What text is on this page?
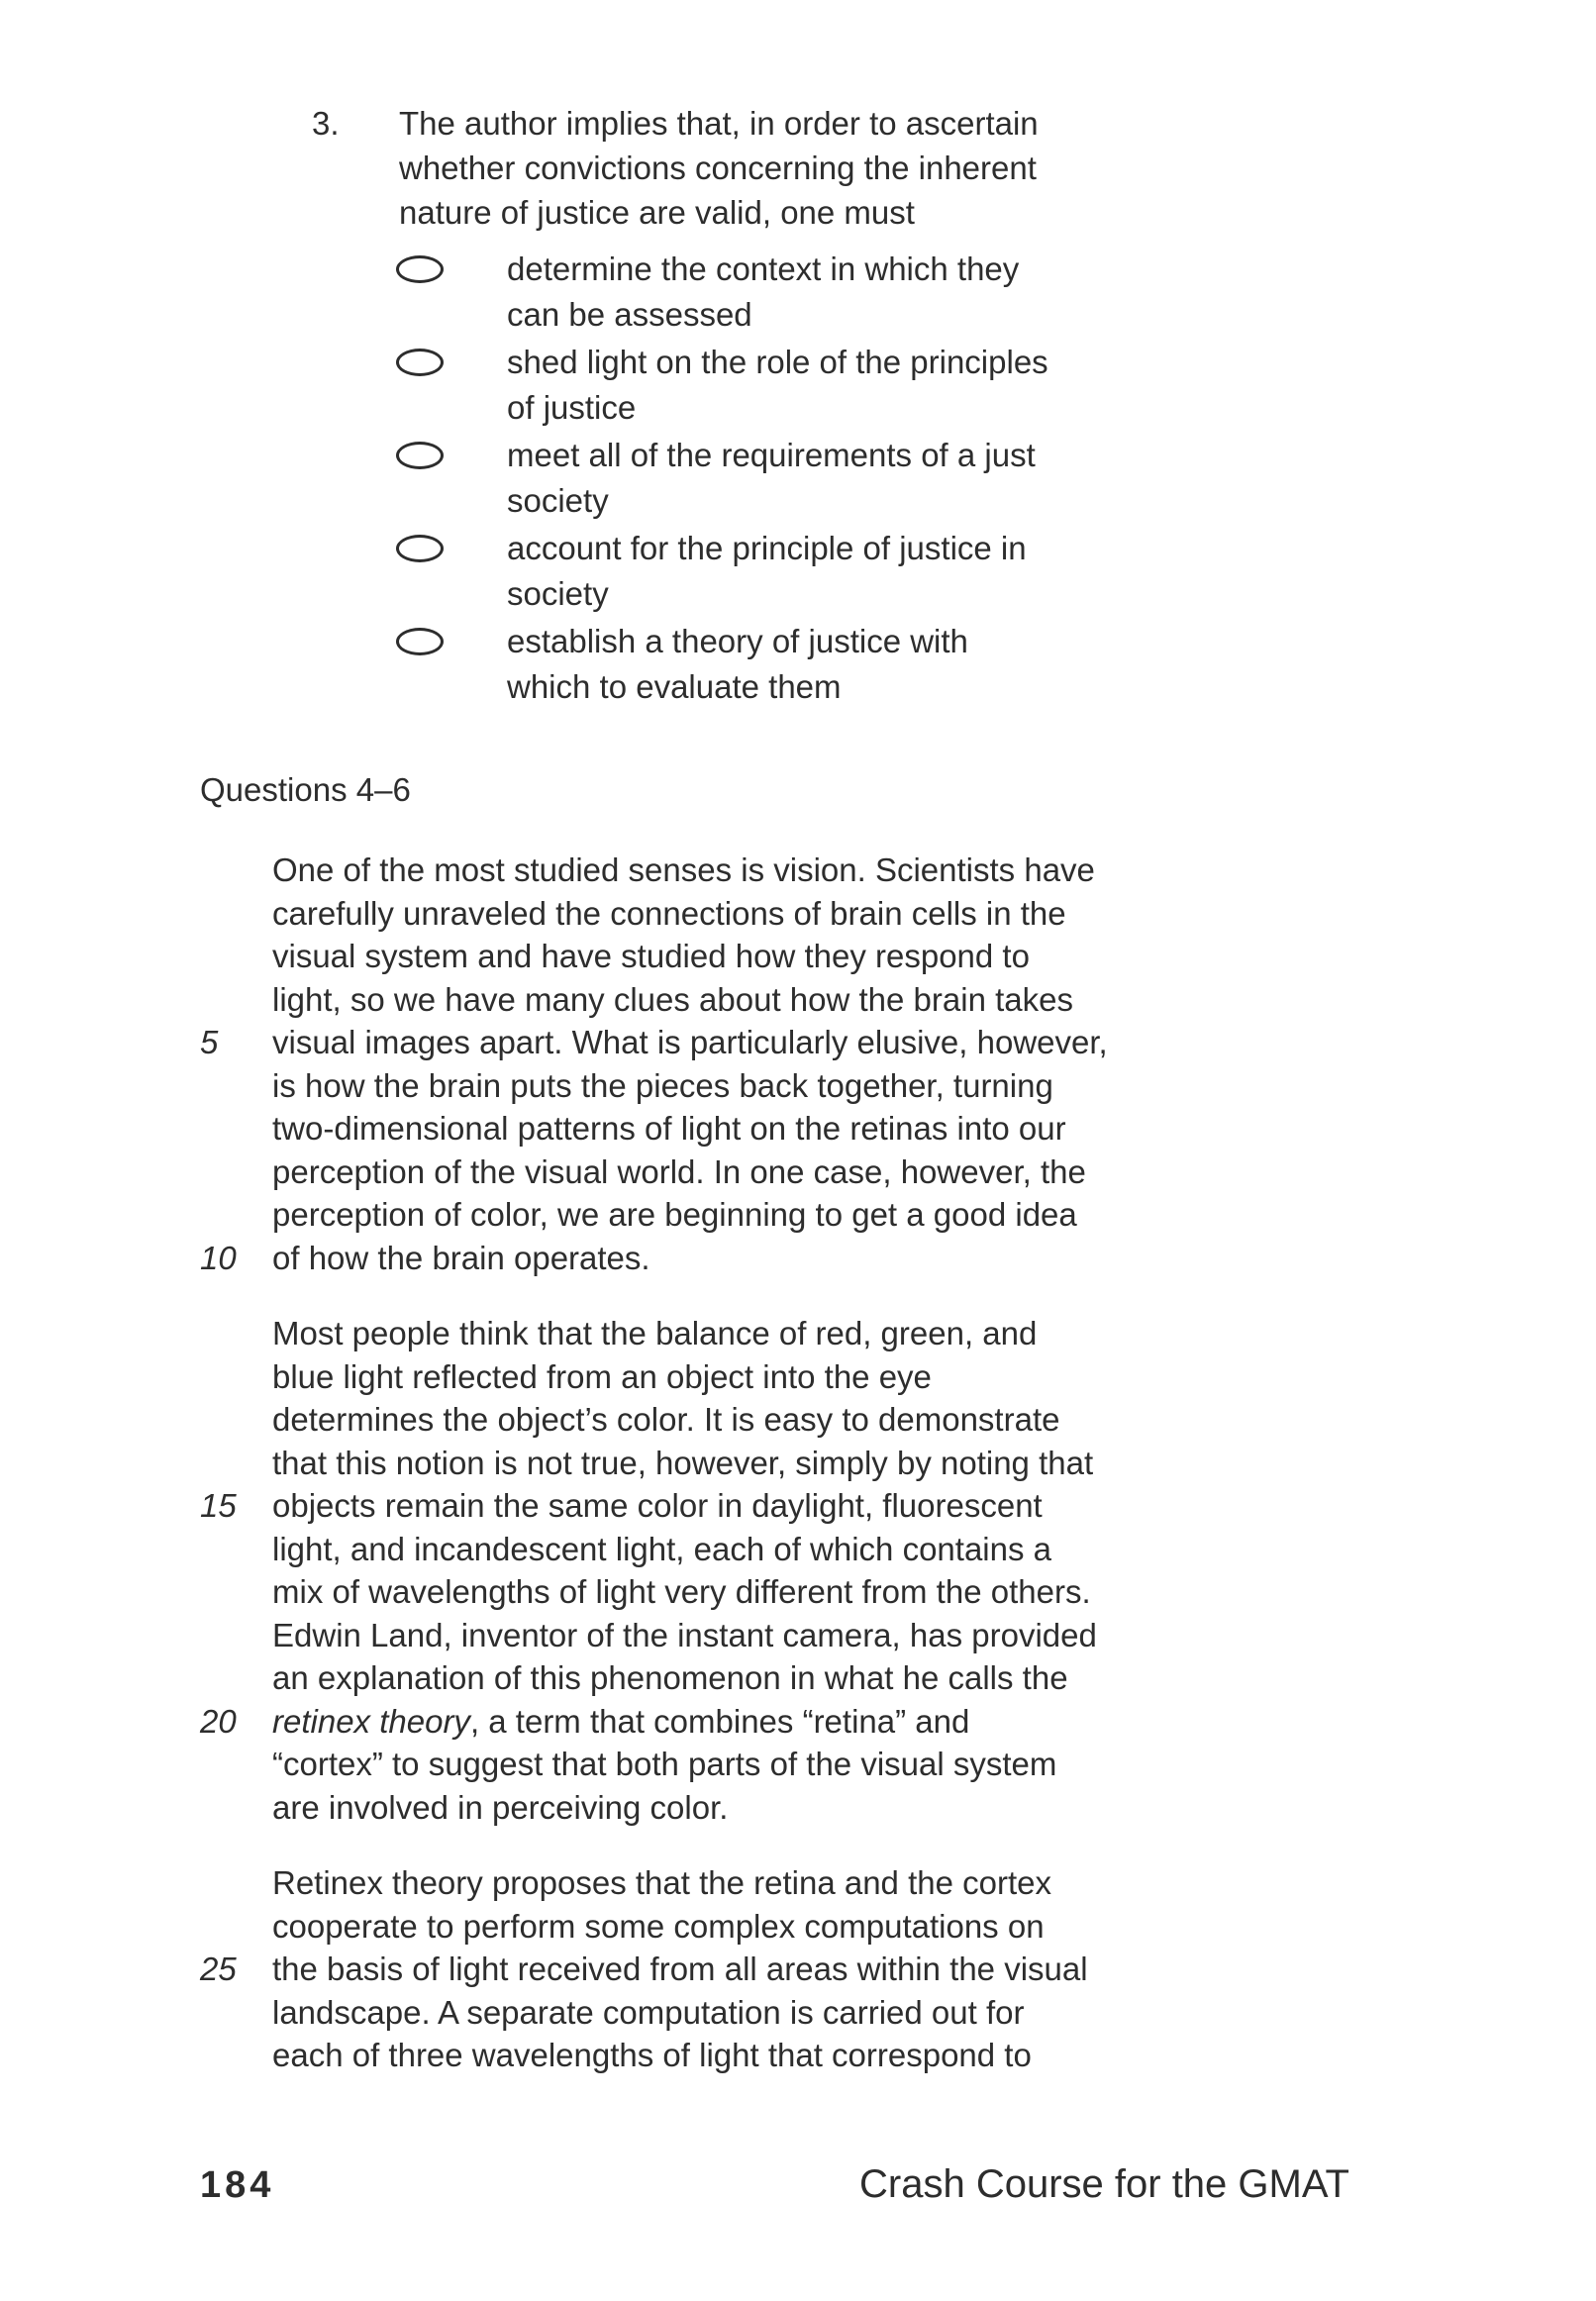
3. The author implies that, in order to ascertain
whether convictions concerning the inherent
nature of justice are valid, one must
determine the context in which they
can be assessed
shed light on the role of the principles
of justice
meet all of the requirements of a just
society
account for the principle of justice in
society
establish a theory of justice with
which to evaluate them
Questions 4–6
One of the most studied senses is vision. Scientists have
carefully unraveled the connections of brain cells in the
visual system and have studied how they respond to
light, so we have many clues about how the brain takes
5 visual images apart. What is particularly elusive, however,
is how the brain puts the pieces back together, turning
two-dimensional patterns of light on the retinas into our
perception of the visual world. In one case, however, the
perception of color, we are beginning to get a good idea
10 of how the brain operates.
Most people think that the balance of red, green, and
blue light reflected from an object into the eye
determines the object’s color. It is easy to demonstrate
that this notion is not true, however, simply by noting that
15 objects remain the same color in daylight, fluorescent
light, and incandescent light, each of which contains a
mix of wavelengths of light very different from the others.
Edwin Land, inventor of the instant camera, has provided
an explanation of this phenomenon in what he calls the
20 retinex theory, a term that combines “retina” and
“cortex” to suggest that both parts of the visual system
are involved in perceiving color.
Retinex theory proposes that the retina and the cortex
cooperate to perform some complex computations on
25 the basis of light received from all areas within the visual
landscape. A separate computation is carried out for
each of three wavelengths of light that correspond to
184	Crash Course for the GMAT
